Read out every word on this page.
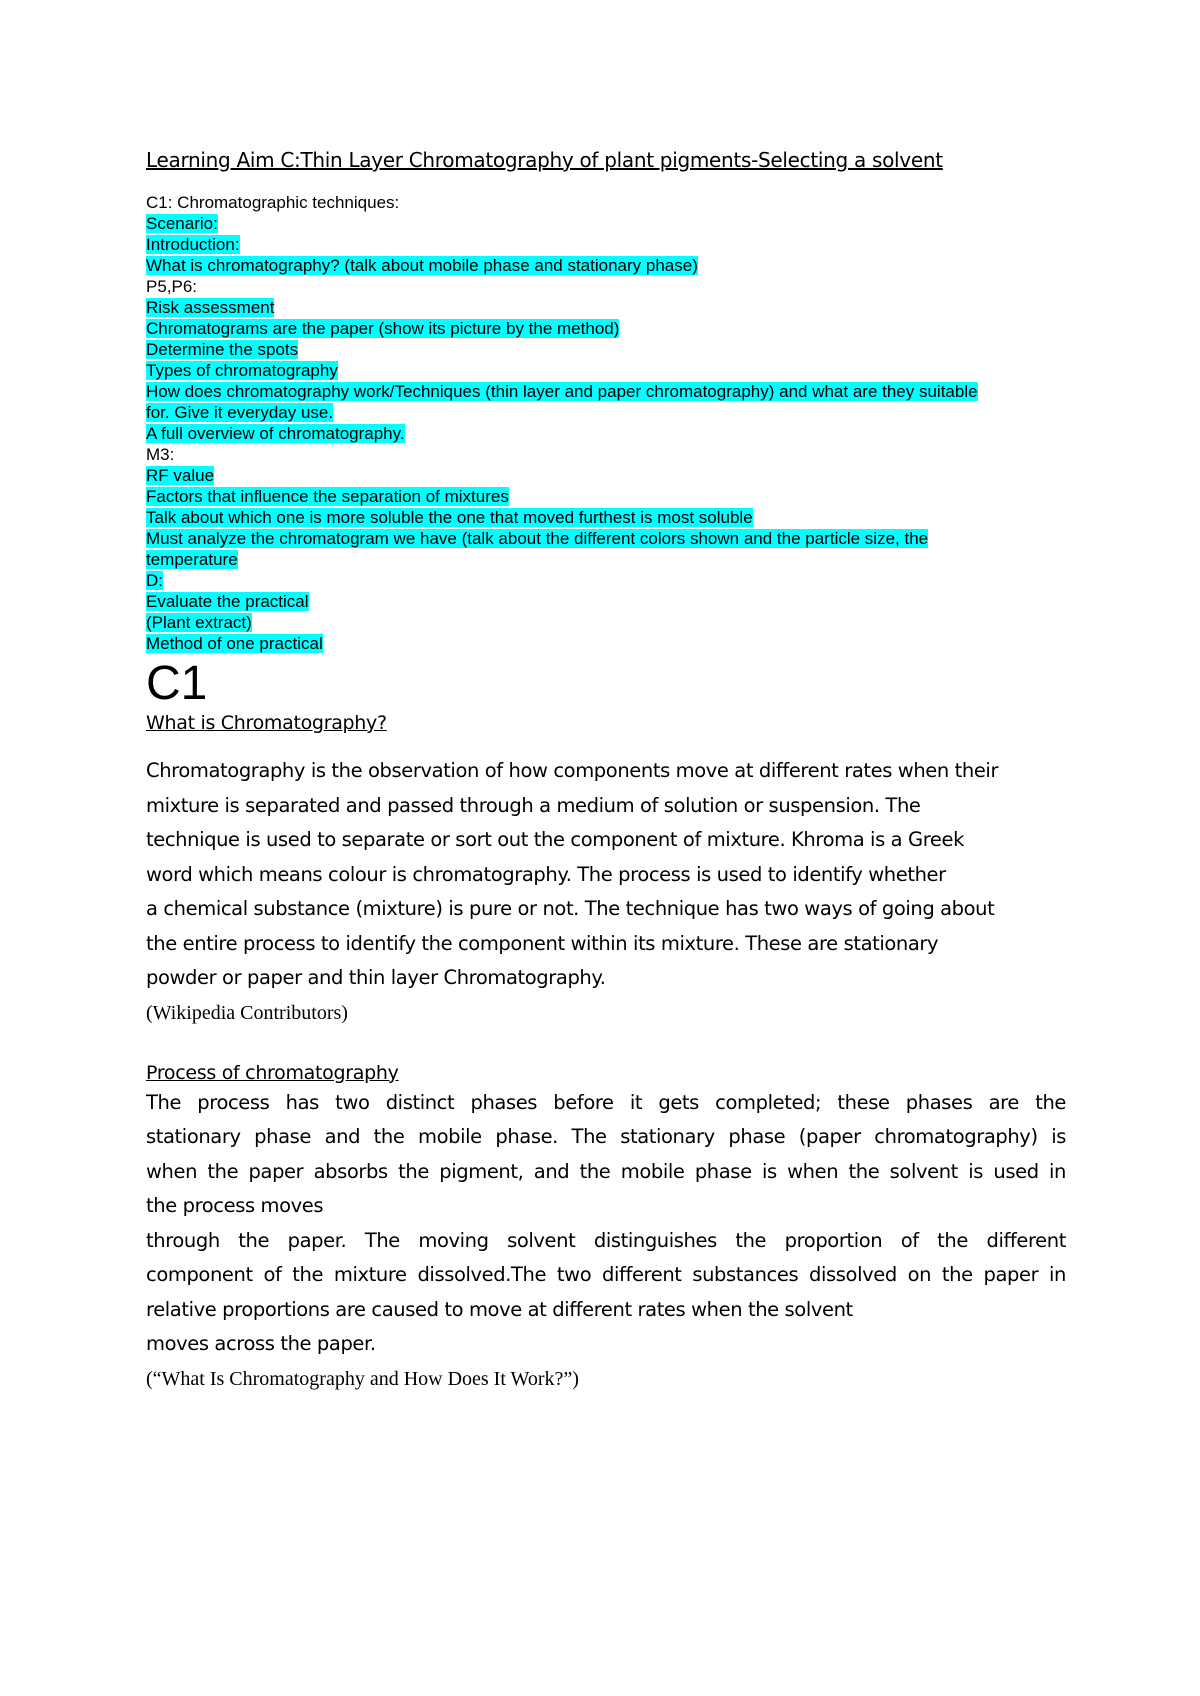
Learning Aim C:Thin Layer Chromatography of plant pigments-Selecting a solvent
C1: Chromatographic techniques:
Scenario:
Introduction:
What is chromatography? (talk about mobile phase and stationary phase)
P5,P6:
Risk assessment
Chromatograms are the paper (show its picture by the method)
Determine the spots
Types of chromatography
How does chromatography work/Techniques (thin layer and paper chromatography) and what are they suitable
for. Give it everyday use.
A full overview of chromatography.
M3:
RF value
Factors that influence the separation of mixtures
Talk about which one is more soluble the one that moved furthest is most soluble
Must analyze the chromatogram we have (talk about the different colors shown and the particle size, the
temperature
D:
Evaluate the practical
(Plant extract)
Method of one practical
C1
What is Chromatography?
Chromatography is the observation of how components move at different rates when their
mixture is separated and passed through a medium of solution or suspension. The
technique is used to separate or sort out the component of mixture. Khroma is a Greek
word which means colour is chromatography. The process is used to identify whether
a chemical substance (mixture) is pure or not. The technique has two ways of going about
the entire process to identify the component within its mixture. These are stationary
powder or paper and thin layer Chromatography.
(Wikipedia Contributors)
Process of chromatography
The process has two distinct phases before it gets completed; these phases are the
stationary phase and the mobile phase. The stationary phase (paper chromatography) is
when the paper absorbs the pigment, and the mobile phase is when the solvent is used in
the process moves
through the paper. The moving solvent distinguishes the proportion of the different
component of the mixture dissolved.The two different substances dissolved on the paper in
relative proportions are caused to move at different rates when the solvent
moves across the paper.
(“What Is Chromatography and How Does It Work?”)
